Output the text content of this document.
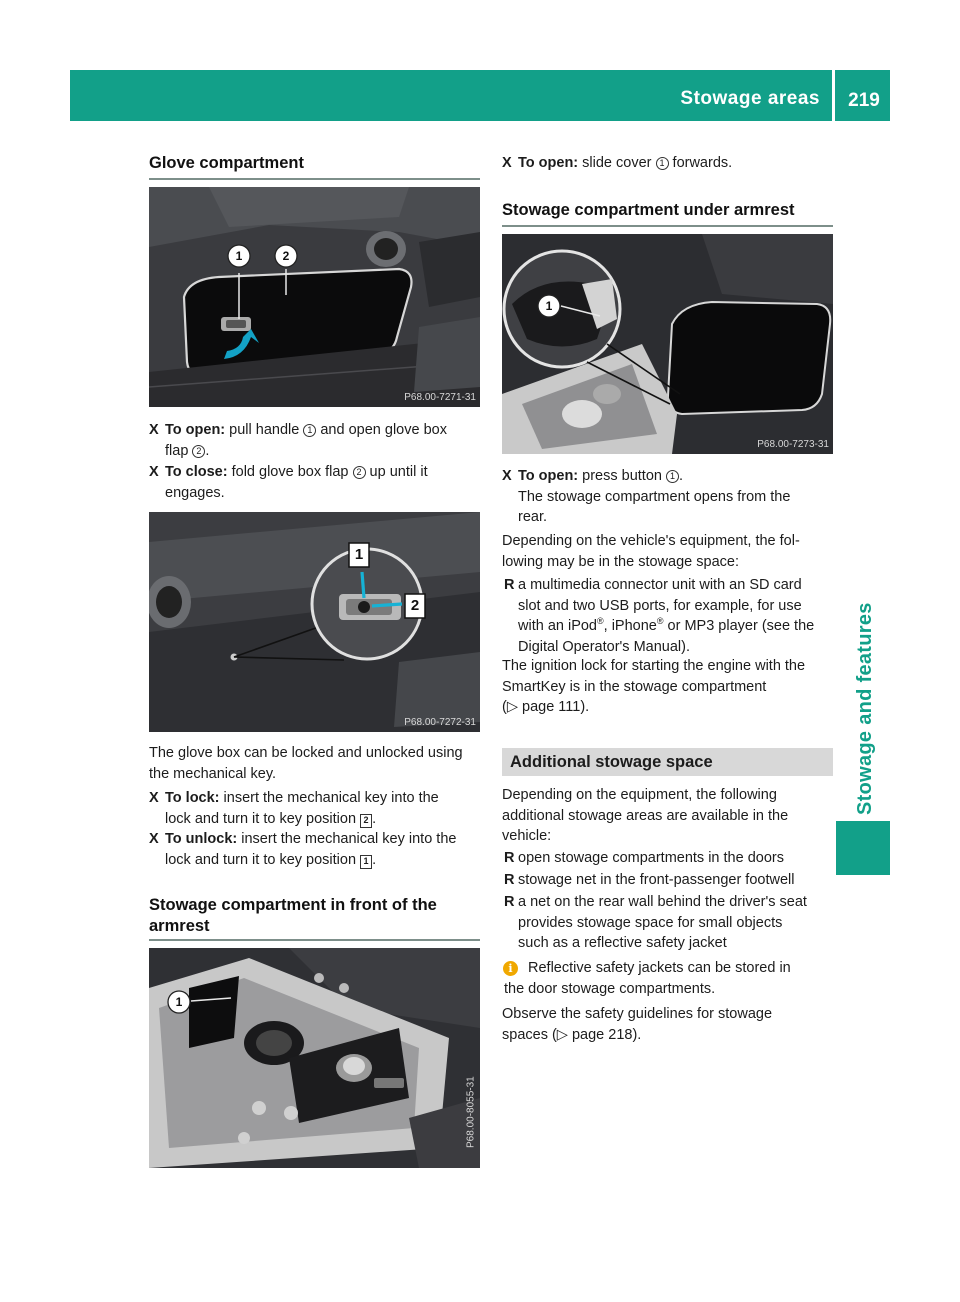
Stowage areas	219
Stowage and features
Glove compartment
1	2
P68.00-7271-31
X To open: pull handle 1 and open glove box
flap 2 .
X To close: fold glove box flap 2 up until it
engages.
1
2
P68.00-7272-31
The glove box can be locked and unlocked using
the mechanical key.
X To lock: insert the mechanical key into the
lock and turn it to key position 2 .
X To unlock: insert the mechanical key into the
lock and turn it to key position 1 .
Stowage compartment in front of the
armrest
1
P68.00-8055-31
X To open: slide cover 1 forwards.
Stowage compartment under armrest
1
P68.00-7273-31
X To open: press button 1 .
The stowage compartment opens from the
rear.
Depending on the vehicle's equipment, the fol-
lowing may be in the stowage space:
R a multimedia connector unit with an SD card
slot and two USB ports, for example, for use
with an iPod®, iPhone® or MP3 player (see the
Digital Operator's Manual).
The ignition lock for starting the engine with the
SmartKey is in the stowage compartment
(▷ page 111).
Additional stowage space
Depending on the equipment, the following
additional stowage areas are available in the
vehicle:
R open stowage compartments in the doors
R stowage net in the front-passenger footwell
R a net on the rear wall behind the driver's seat
provides stowage space for small objects
such as a reflective safety jacket
i	Reflective safety jackets can be stored in
the door stowage compartments.
Observe the safety guidelines for stowage
spaces (▷ page 218).
